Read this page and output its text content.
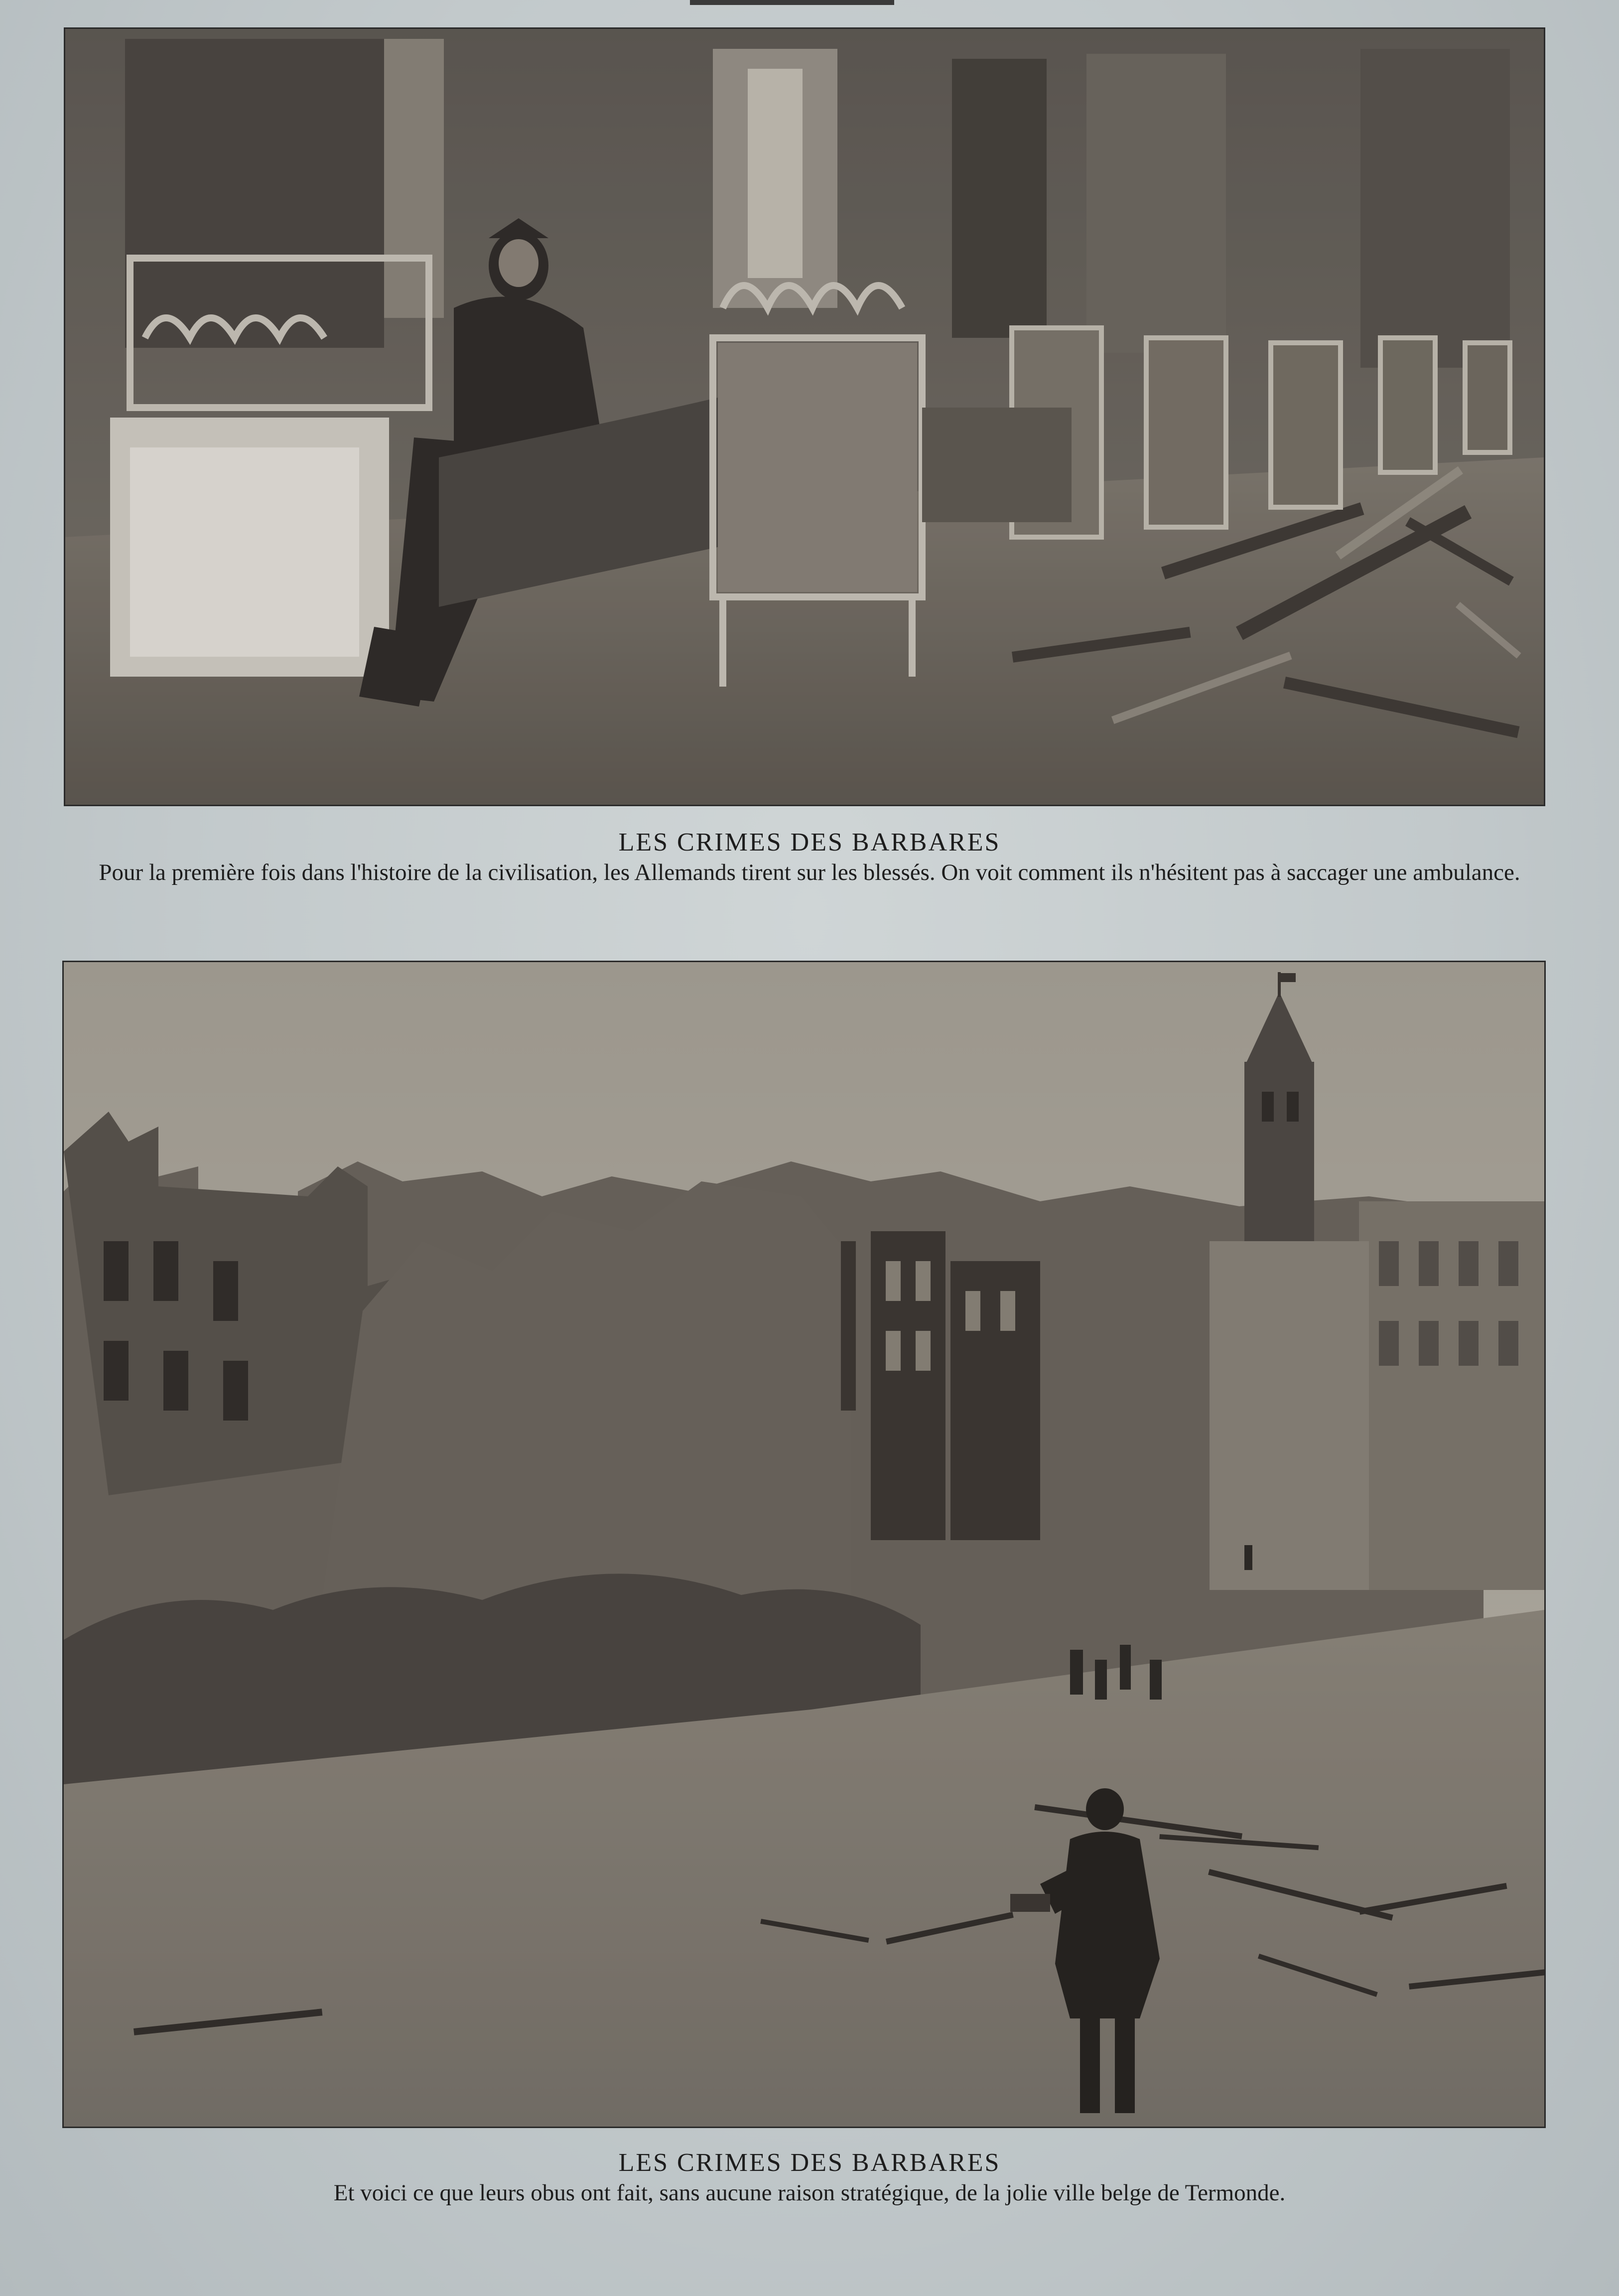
LES CRIMES DES BARBARES
Pour la première fois dans l'histoire de la civilisation, les Allemands tirent sur les blessés. On voit comment ils n'hésitent pas à saccager une ambulance.
LES CRIMES DES BARBARES
Et voici ce que leurs obus ont fait, sans aucune raison stratégique, de la jolie ville belge de Termonde.
